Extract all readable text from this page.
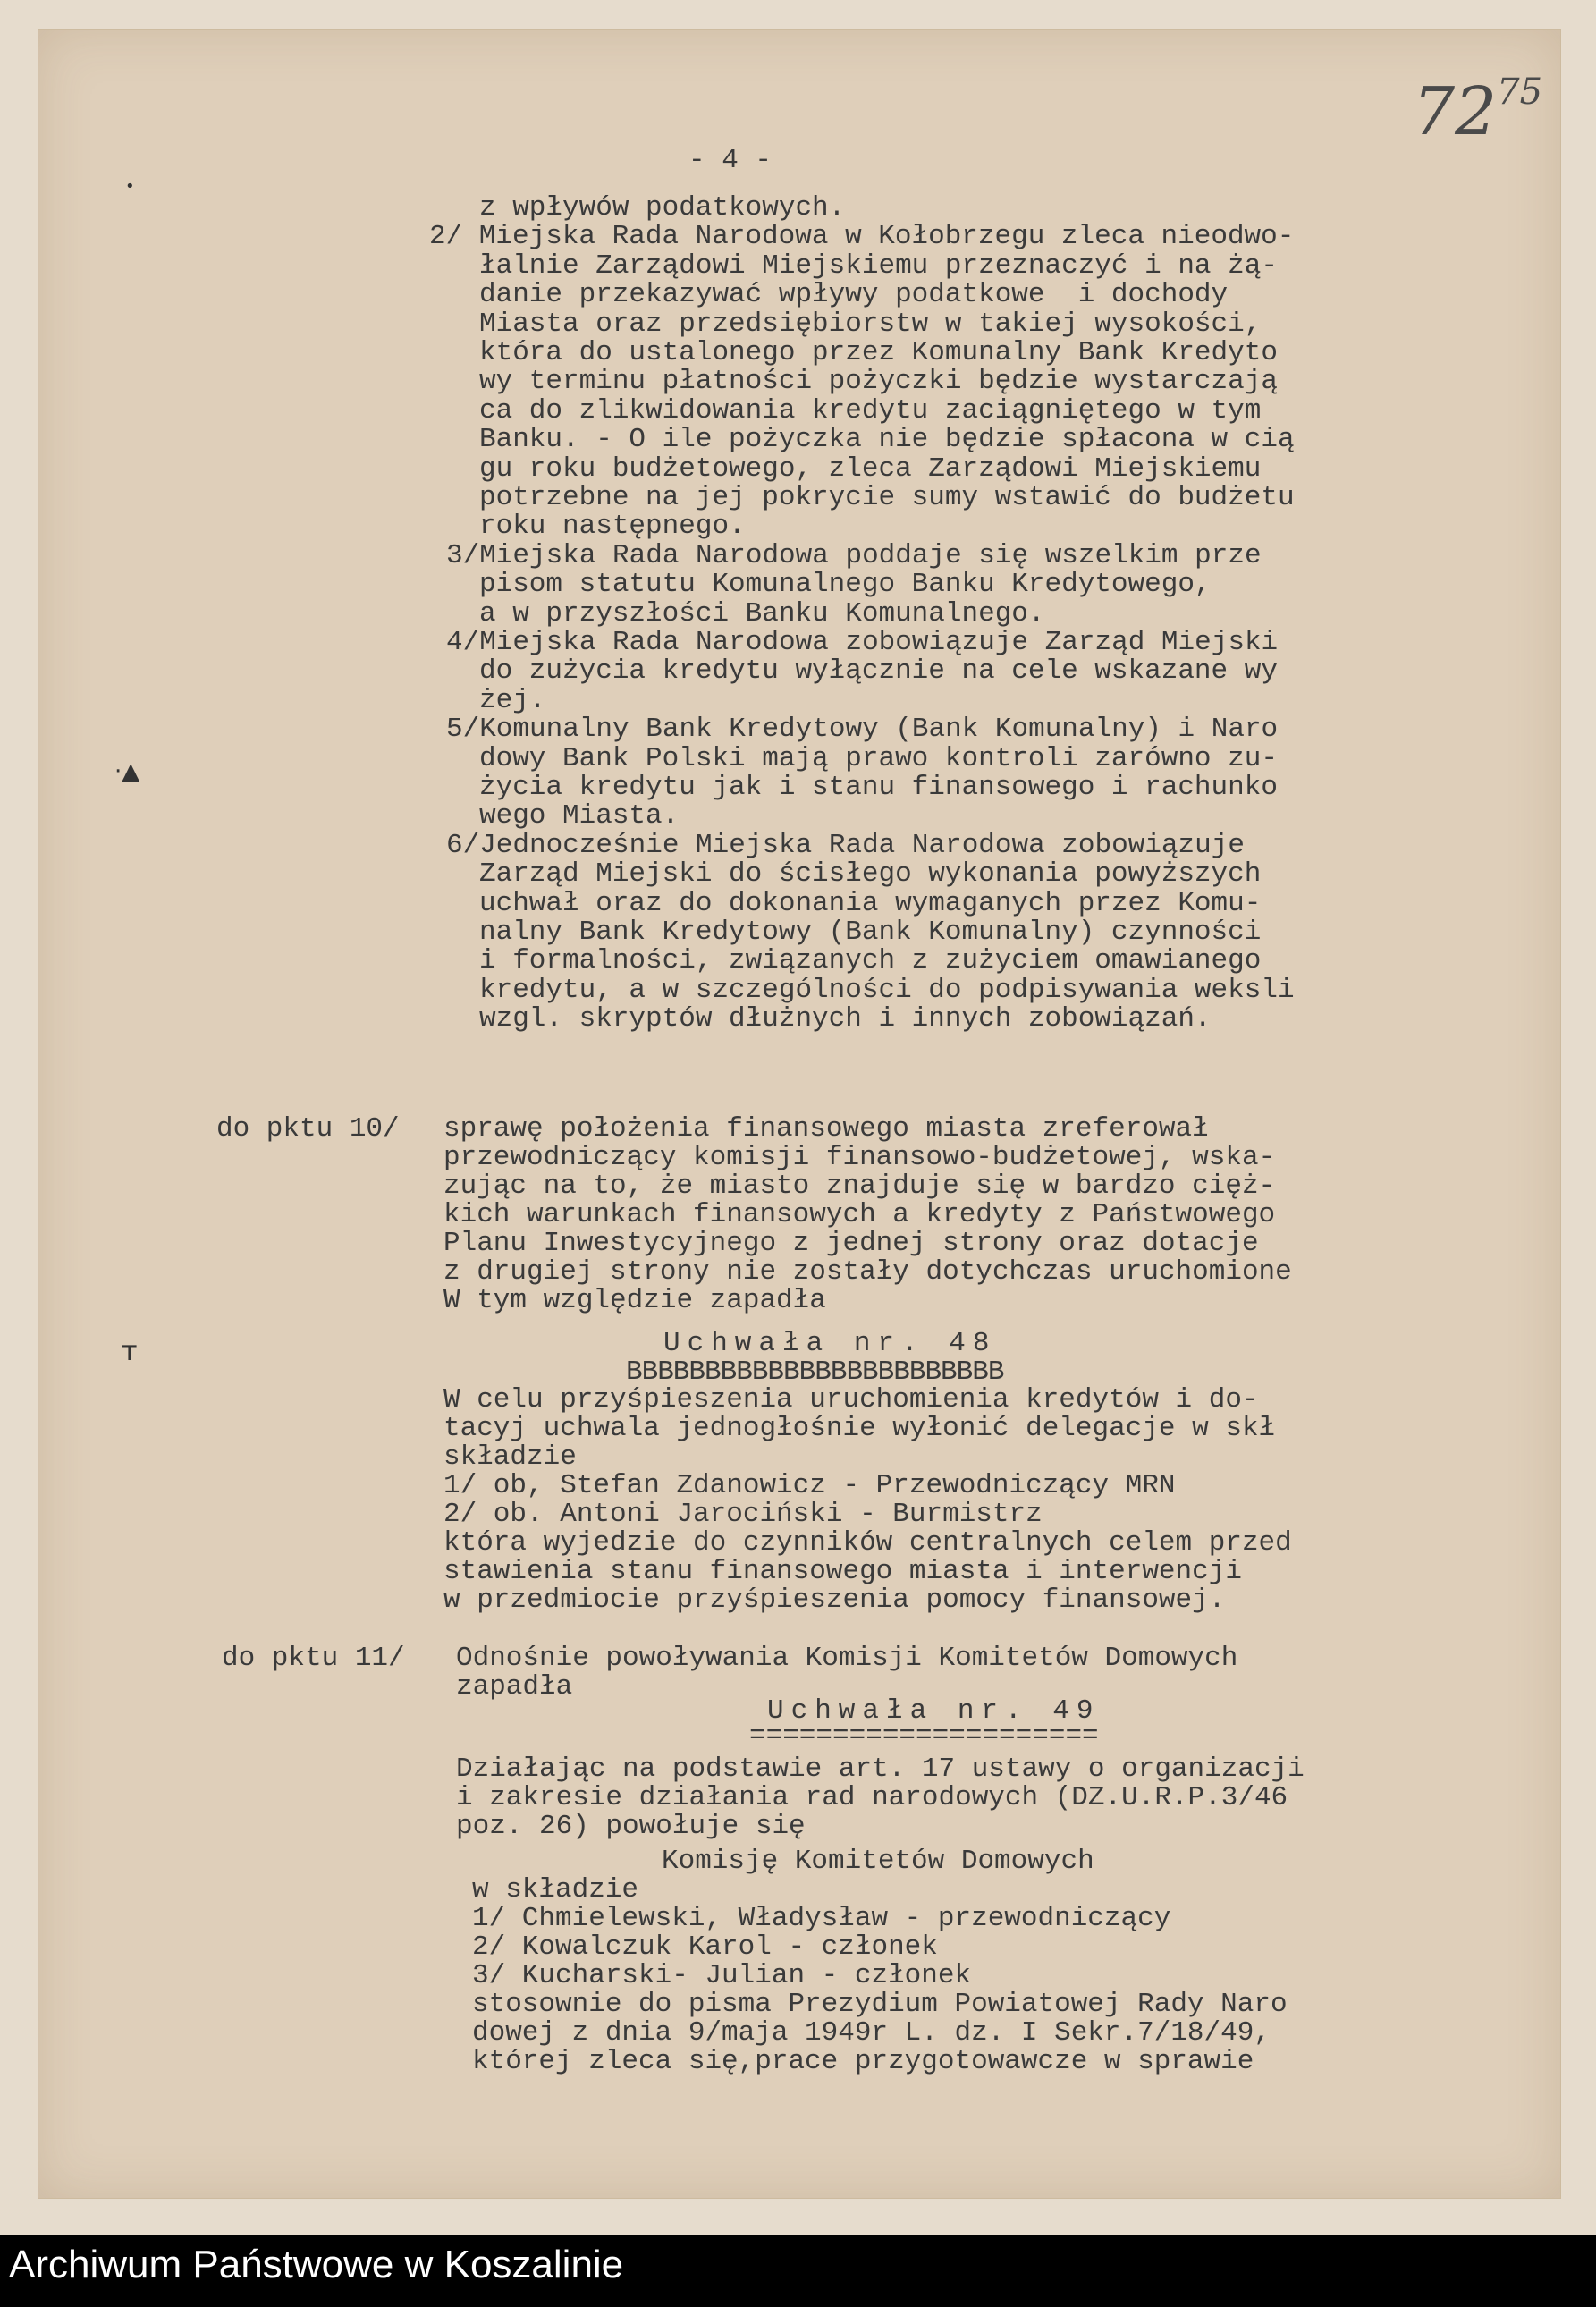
- 4 -
$72^{75}$
•
·▲
т
z wpływów podatkowych.
2/ Miejska Rada Narodowa w Kołobrzegu zleca nieodwo-
łalnie Zarządowi Miejskiemu przeznaczyć i na żą-
danie przekazywać wpływy podatkowe  i dochody
Miasta oraz przedsiębiorstw w takiej wysokości,
która do ustalonego przez Komunalny Bank Kredyto
wy terminu płatności pożyczki będzie wystarczają
ca do zlikwidowania kredytu zaciągniętego w tym
Banku. - O ile pożyczka nie będzie spłacona w cią
gu roku budżetowego, zleca Zarządowi Miejskiemu
potrzebne na jej pokrycie sumy wstawić do budżetu
roku następnego.
3/Miejska Rada Narodowa poddaje się wszelkim prze
pisom statutu Komunalnego Banku Kredytowego,
a w przyszłości Banku Komunalnego.
4/Miejska Rada Narodowa zobowiązuje Zarząd Miejski
do zużycia kredytu wyłącznie na cele wskazane wy
żej.
5/Komunalny Bank Kredytowy (Bank Komunalny) i Naro
dowy Bank Polski mają prawo kontroli zarówno zu-
życia kredytu jak i stanu finansowego i rachunko
wego Miasta.
6/Jednocześnie Miejska Rada Narodowa zobowiązuje
Zarząd Miejski do ścisłego wykonania powyższych
uchwał oraz do dokonania wymaganych przez Komu-
nalny Bank Kredytowy (Bank Komunalny) czynności
i formalności, związanych z zużyciem omawianego
kredytu, a w szczególności do podpisywania weksli
wzgl. skryptów dłużnych i innych zobowiązań.
do pktu 10/ sprawę położenia finansowego miasta zreferował
przewodniczący komisji finansowo-budżetowej, wska-
zując na to, że miasto znajduje się w bardzo cięż-
kich warunkach finansowych a kredyty z Państwowego
Planu Inwestycyjnego z jednej strony oraz dotacje
z drugiej strony nie zostały dotychczas uruchomione
W tym względzie zapadła
Uchwała nr. 48
BBBBBBBBBBBBBBBBBBBBBBBB
W celu przyśpieszenia uruchomienia kredytów i do-
tacyj uchwala jednogłośnie wyłonić delegacje w skł
składzie
1/ ob, Stefan Zdanowicz - Przewodniczący MRN
2/ ob. Antoni Jarociński - Burmistrz
która wyjedzie do czynników centralnych celem przed
stawienia stanu finansowego miasta i interwencji
w przedmiocie przyśpieszenia pomocy finansowej.
do pktu 11/ Odnośnie powoływania Komisji Komitetów Domowych
zapadła
Uchwała nr. 49
=====================
Działając na podstawie art. 17 ustawy o organizacji
i zakresie działania rad narodowych (DZ.U.R.P.3/46
poz. 26) powołuje się
Komisję Komitetów Domowych
w składzie
1/ Chmielewski, Władysław - przewodniczący
2/ Kowalczuk Karol - członek
3/ Kucharski- Julian - członek
stosownie do pisma Prezydium Powiatowej Rady Naro
dowej z dnia 9/maja 1949r L. dz. I Sekr.7/18/49,
której zleca się,prace przygotowawcze w sprawie
Archiwum Państwowe w Koszalinie
